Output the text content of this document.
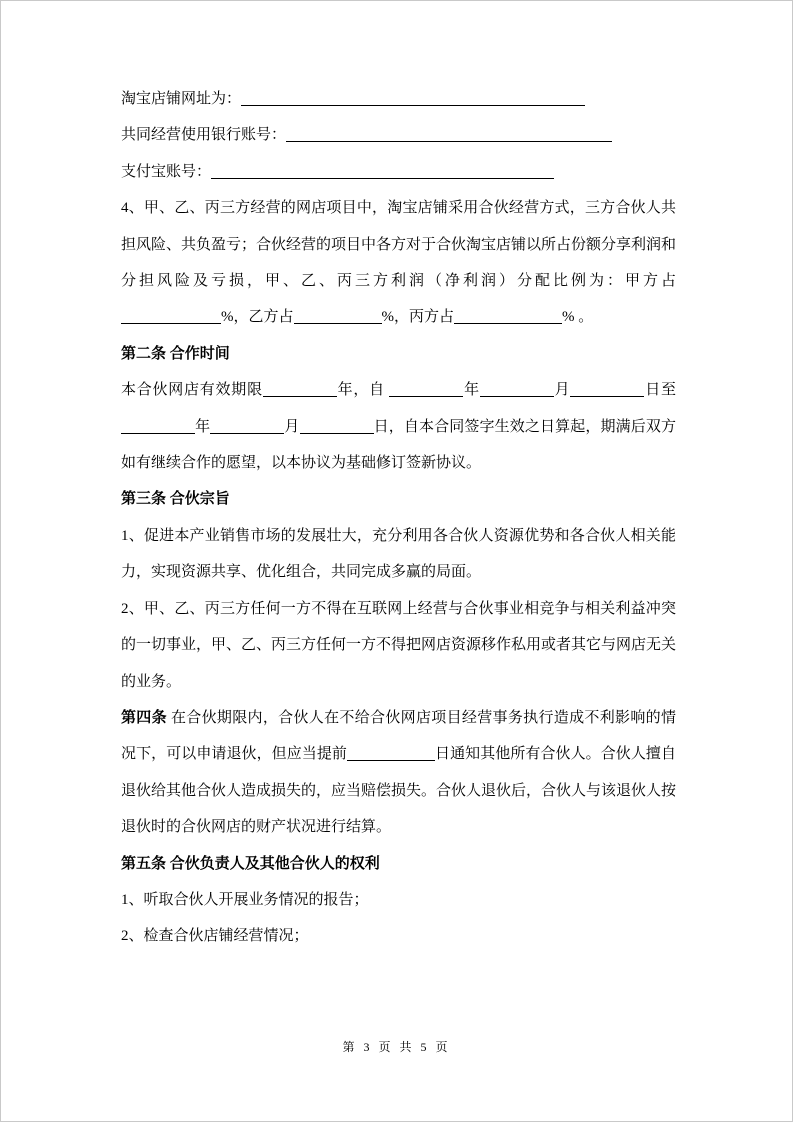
淘宝店铺网址为：

共同经营使用银行账号：

支付宝账号：

4、甲、乙、丙三方经营的网店项目中，淘宝店铺采用合伙经营方式，三方合伙人共担风险、共负盈亏；合伙经营的项目中各方对于合伙淘宝店铺以所占份额分享利润和分担风险及亏损，甲、乙、丙三方利润（净利润）分配比例为：甲方占%，乙方占	%，丙方占	% 。

第二条 合作时间

本合伙网店有效期限	年，自	年	月	日至年	月	日，自本合同签字生效之日算起，期满后双方如有继续合作的愿望，以本协议为基础修订签新协议。

第三条 合伙宗旨

1、促进本产业销售市场的发展壮大，充分利用各合伙人资源优势和各合伙人相关能力，实现资源共享、优化组合，共同完成多赢的局面。

2、甲、乙、丙三方任何一方不得在互联网上经营与合伙事业相竞争与相关利益冲突的一切事业，甲、乙、丙三方任何一方不得把网店资源移作私用或者其它与网店无关的业务。

第四条 在合伙期限内，合伙人在不给合伙网店项目经营事务执行造成不利影响的情况下，可以申请退伙，但应当提前	日通知其他所有合伙人。合伙人擅自退伙给其他合伙人造成损失的，应当赔偿损失。合伙人退伙后，合伙人与该退伙人按退伙时的合伙网店的财产状况进行结算。

第五条 合伙负责人及其他合伙人的权利

1、听取合伙人开展业务情况的报告；

2、检查合伙店铺经营情况；

第 3 页 共 5 页
